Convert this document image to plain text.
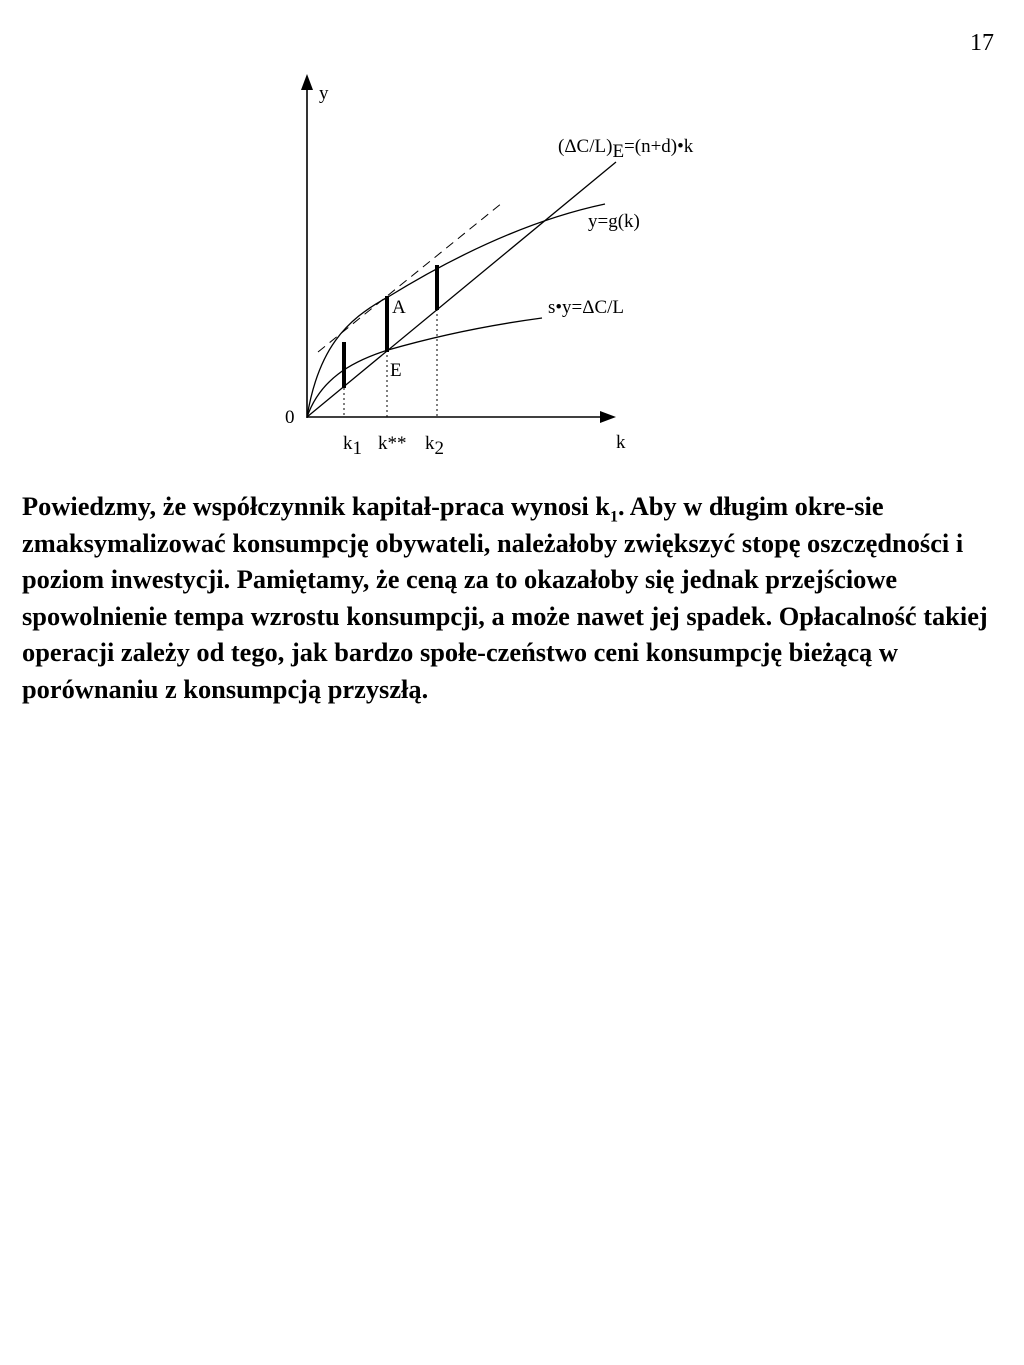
17
y
k
0
(ΔC/L)E=(n+d)•k
y=g(k)
s•y=ΔC/L
A
E
k1 k** k2

Powiedzmy, że współczynnik kapitał-praca wynosi $k_1$. Aby w długim okre-sie zmaksymalizować konsumpcję obywateli, należałoby zwiększyć stopę oszczędności i poziom inwestycji. Pamiętamy, że ceną za to okazałoby się jednak przejściowe spowolnienie tempa wzrostu konsumpcji, a może nawet jej spadek. Opłacalność takiej operacji zależy od tego, jak bardzo społe-czeństwo ceni konsumpcję bieżącą w porównaniu z konsumpcją przyszłą.
